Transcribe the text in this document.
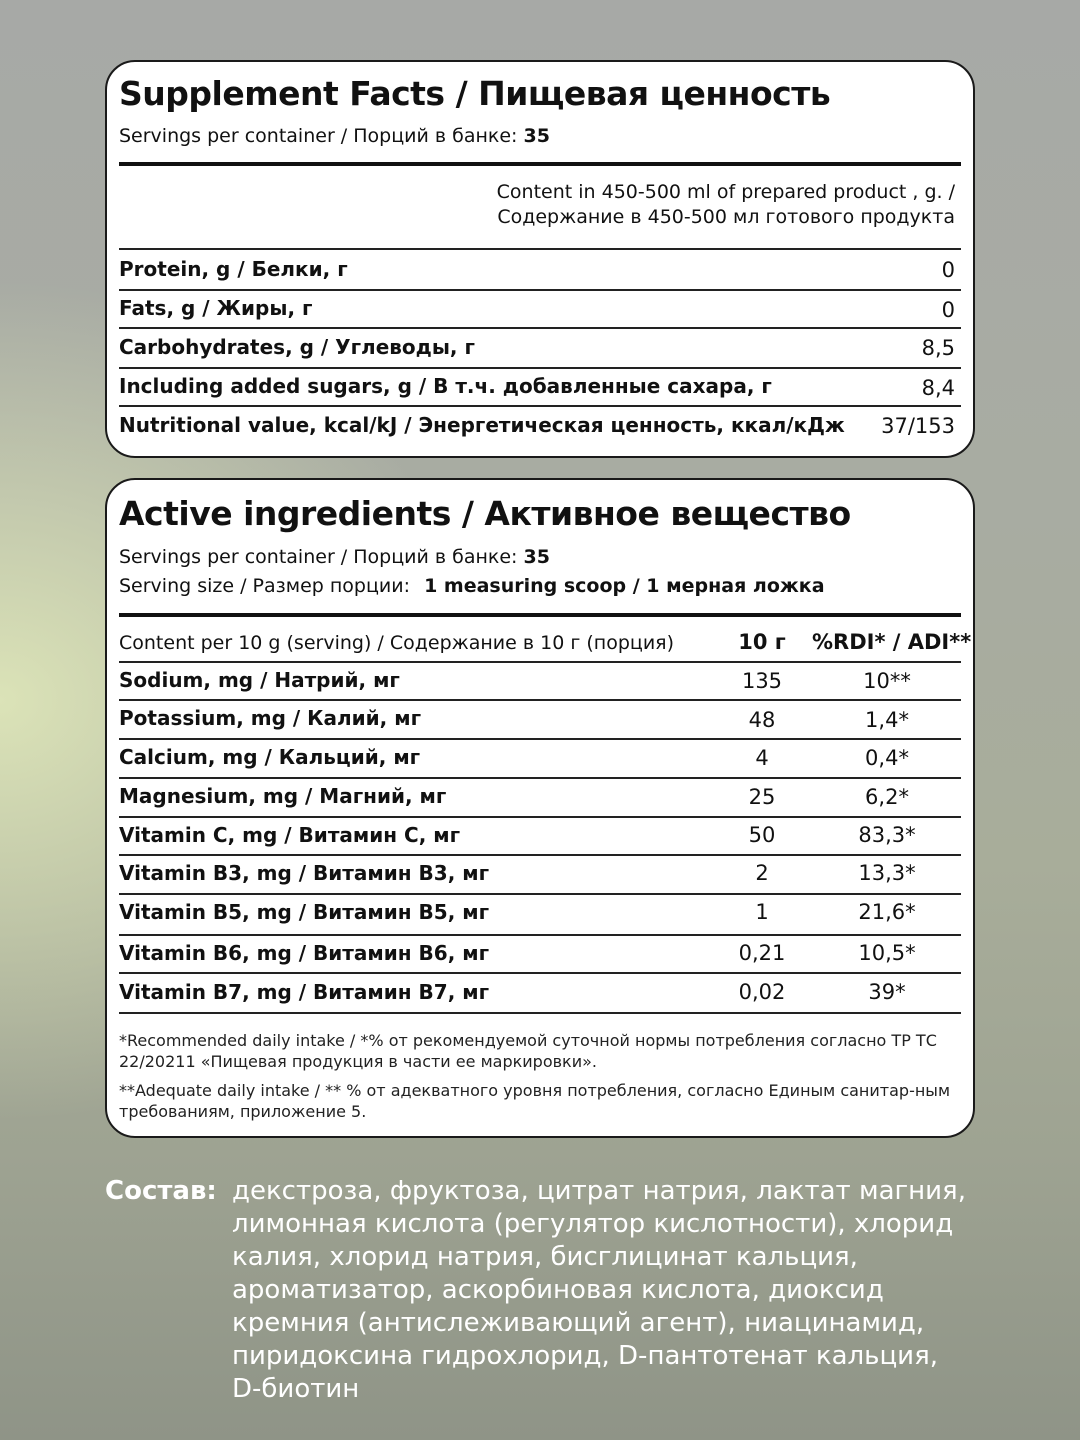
Supplement Facts / Пищевая ценность
Servings per container / Порций в банке: 35
Content in 450-500 ml of prepared product , g. /
Содержание в 450-500 мл готового продукта
Protein, g / Белки, г	0
Fats, g / Жиры, г	0
Carbohydrates, g / Углеводы, г	8,5
Including added sugars, g / В т.ч. добавленные сахара, г	8,4
Nutritional value, kcal/kJ / Энергетическая ценность, ккал/кДж 37/153
Active ingredients / Активное вещество
Servings per container / Порций в банке: 35
Serving size / Размер порции: 1 measuring scoop / 1 мерная ложка
Content per 10 g (serving) / Содержание в 10 г (порция)	10 г	%RDI* / ADI**
Sodium, mg / Натрий, мг	135	10**
Potassium, mg / Калий, мг	48	1,4*
Calcium, mg / Кальций, мг	4	0,4*
Magnesium, mg / Магний, мг	25	6,2*
Vitamin C, mg / Витамин C, мг	50	83,3*
Vitamin B3, mg / Витамин B3, мг	2	13,3*
Vitamin B5, mg / Витамин B5, мг	1	21,6*
Vitamin B6, mg / Витамин B6, мг	0,21	10,5*
Vitamin B7, mg / Витамин B7, мг	0,02	39*
*Recommended daily intake / *% от рекомендуемой суточной нормы потребления согласно ТР ТС 22/20211 «Пищевая продукция в части ее маркировки».
**Adequate daily intake / ** % от адекватного уровня потребления, согласно Единым санитар-ным требованиям, приложение 5.
Состав: декстроза, фруктоза, цитрат натрия, лактат магния, лимонная кислота (регулятор кислотности), хлорид калия, хлорид натрия, бисглицинат кальция, ароматизатор, аскорбиновая кислота, диоксид кремния (антислеживающий агент), ниацинамид, пиридоксина гидрохлорид, D-пантотенат кальция, D-биотин
